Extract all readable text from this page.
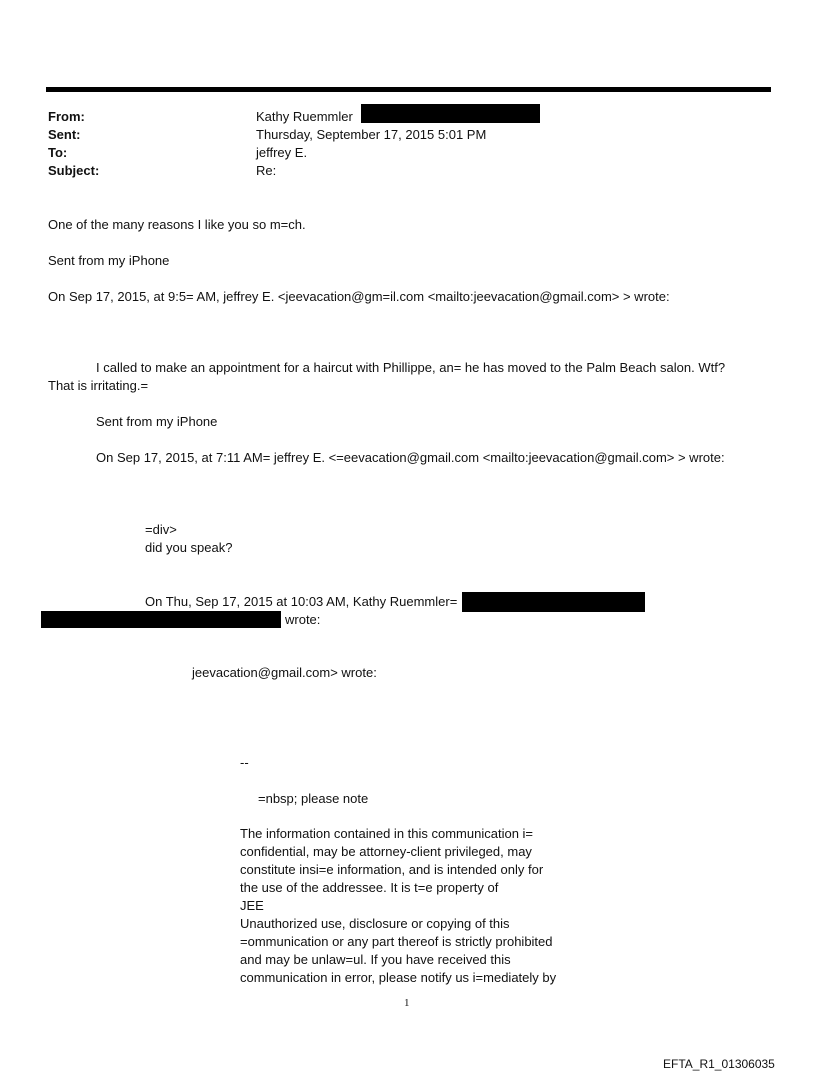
From:	Kathy Ruemmler
Sent:	Thursday, September 17, 2015 5:01 PM
To:	jeffrey E.
Subject:	Re:
One of the many reasons I like you so m=ch.
Sent from my iPhone
On Sep 17, 2015, at 9:5= AM, jeffrey E. <jeevacation@gm=il.com <mailto:jeevacation@gmail.com> > wrote:
I called to make an appointment for a haircut with Phillippe, an= he has moved to the Palm Beach salon. Wtf?
That is irritating.=
Sent from my iPhone
On Sep 17, 2015, at 7:11 AM= jeffrey E. <=eevacation@gmail.com <mailto:jeevacation@gmail.com> > wrote:
=div>
did you speak?
On Thu, Sep 17, 2015 at 10:03 AM, Kathy Ruemmler=
wrote:
jeevacation@gmail.com> wrote:
--
=nbsp; please note
The information contained in this communication i=
confidential, may be attorney-client privileged, may
constitute insi=e information, and is intended only for
the use of the addressee. It is t=e property of
JEE
Unauthorized use, disclosure or copying of this
=ommunication or any part thereof is strictly prohibited
and may be unlaw=ul. If you have received this
communication in error, please notify us i=mediately by
1
EFTA_R1_01306035
